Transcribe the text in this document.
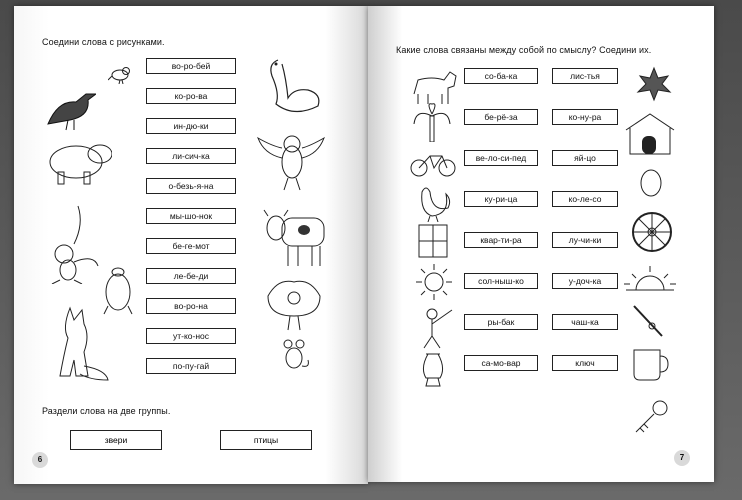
Соедини слова с рисунками.
во-ро-бей
ко-ро-ва
ин-дю-ки
ли-сич-ка
о-безь-я-на
мы-шо-нок
бе-ге-мот
ле-бе-ди
во-ро-на
ут-ко-нос
по-пу-гай
Раздели слова на две группы.
звери	птицы
6
Какие слова связаны между собой по смыслу? Соедини их.
со-ба-ка
бе-рё-за
ве-ло-си-пед
ку-ри-ца
квар-ти-ра
сол-ныш-ко
ры-бак
са-мо-вар
лис-тья
ко-ну-ра
яй-цо
ко-ле-со
лу-чи-ки
у-доч-ка
чаш-ка
ключ
7
